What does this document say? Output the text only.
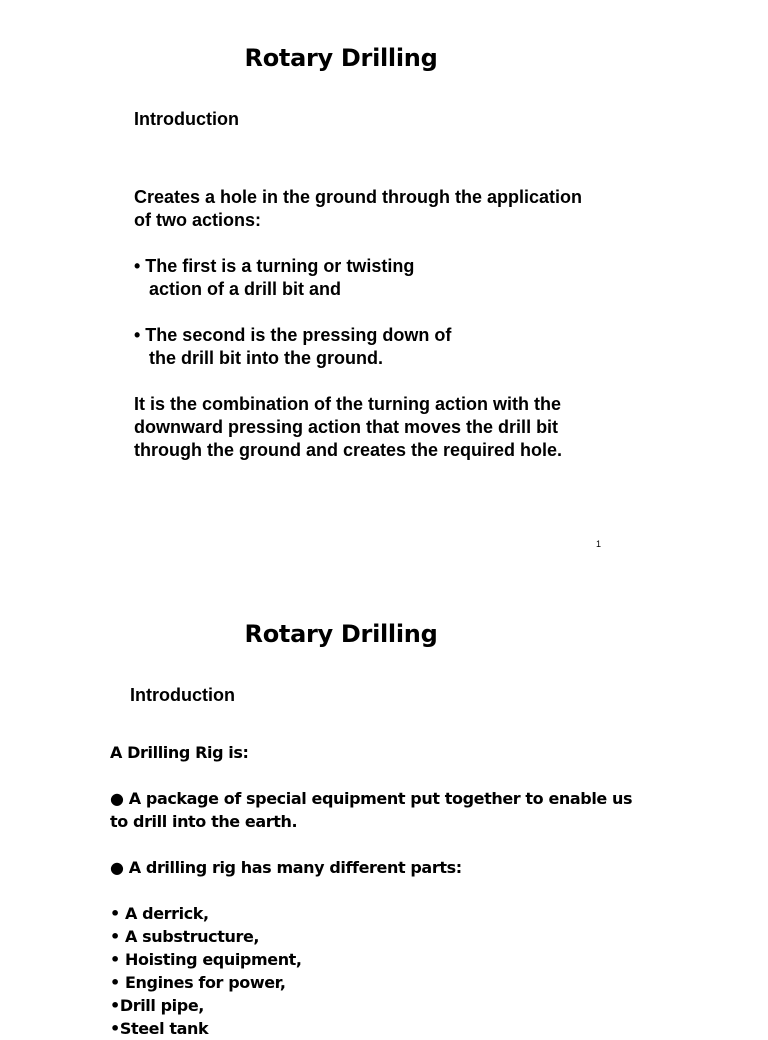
Rotary Drilling
Introduction

Creates a hole in the ground through the application

of two actions:

• The first is a turning or twisting

action of a drill bit and

• The second is the pressing down of

the drill bit into the ground.

It is the combination of the turning action with the

downward pressing action that moves the drill bit

through the ground and creates the required hole.

1
Rotary Drilling
Introduction

A Drilling Rig is:

● A package of special equipment put together to enable us

to drill into the earth.

● A drilling rig has many different parts:

• A derrick,

• A substructure,

• Hoisting equipment,

• Engines for power,

•Drill pipe,

•Steel tank
